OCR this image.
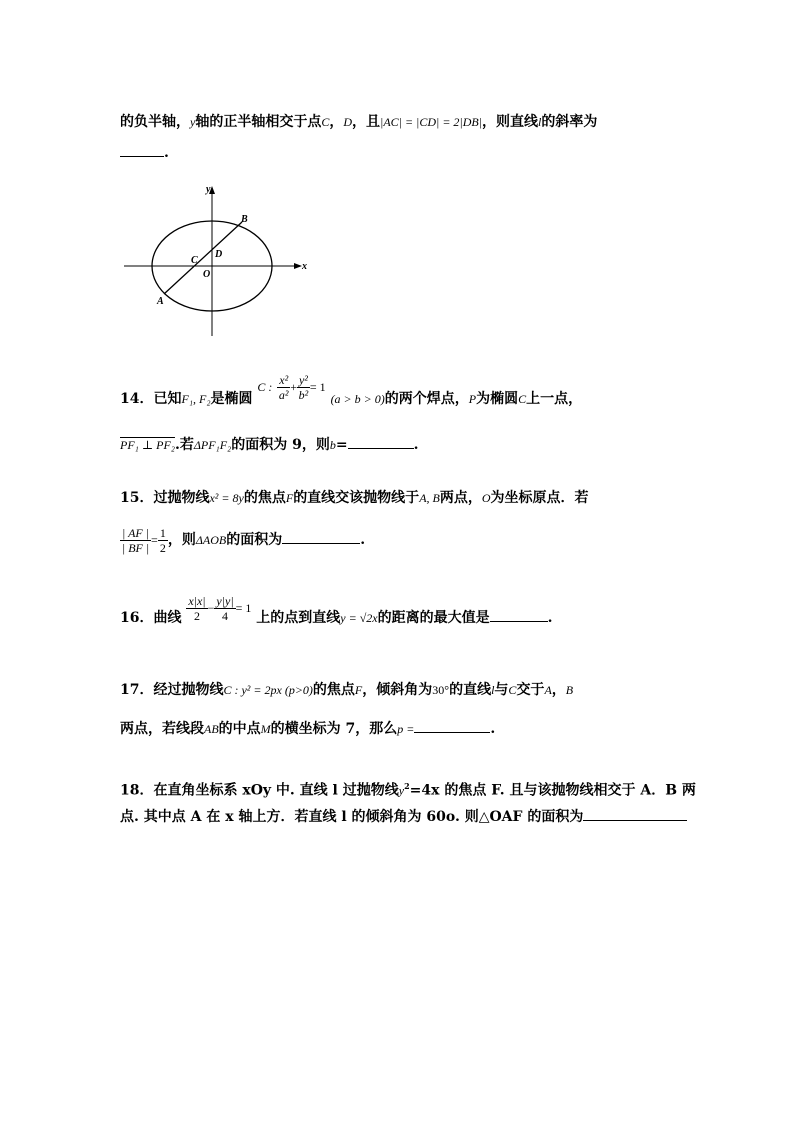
的负半轴，y轴的正半轴相交于点C，D，且|AC| = |CD| = 2|DB|，则直线l的斜率为
.
y
x
B
D
C
O
A
14．已知F₁, F₂是椭圆 C : $\frac{\text{x²}}{\text{a²}} + \frac{\text{y²}}{\text{b²}} = 1$ (a > b > 0)的两个焊点，P为椭圆C上一点，
PF₁ ⊥ PF₂.若ΔPF₁F₂的面积为 9，则b=	.
15．过抛物线x² = 8y的焦点F的直线交该抛物线于A, B两点，O为坐标原点．若
$\frac{| AF |}{| BF |} = \frac{1}{2}$ ，则ΔAOB的面积为	.
16．曲线 $\frac{x|x|}{2} - \frac{y|y|}{4} = 1$ 上的点到直线y = √2x的距离的最大值是	.
17．经过抛物线C : y² = 2px (p>0)的焦点F，倾斜角为30°的直线l与C交于A，B
两点，若线段AB的中点M的横坐标为 7，那么p =	.
18．在直角坐标系 xOy 中. 直线 l 过抛物线$y^2=4x$ 的焦点 F. 且与该抛物线相交于 A．B 两
点. 其中点 A 在 x 轴上方．若直线 l 的倾斜角为 60o. 则△OAF 的面积为
